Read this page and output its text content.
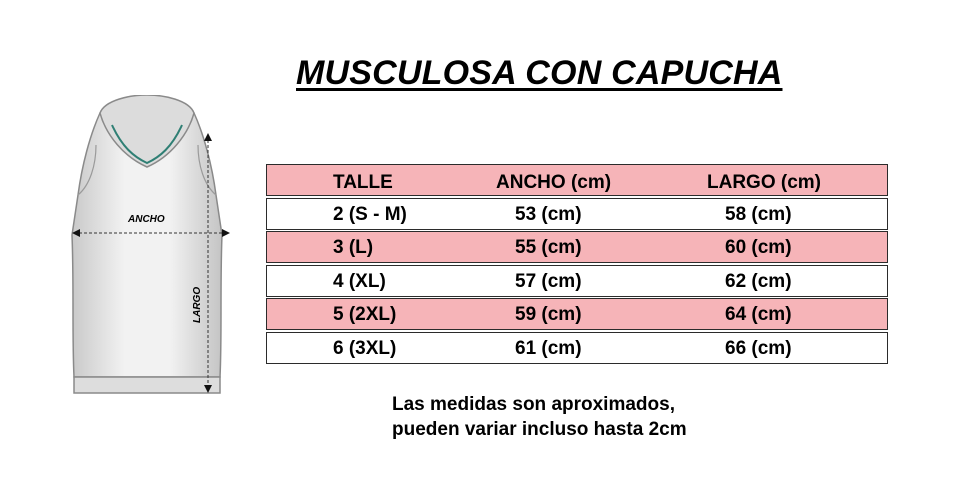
MUSCULOSA CON CAPUCHA
ANCHO
LARGO
TALLE	ANCHO (cm)	LARGO (cm)
2 (S - M)	53 (cm)	58 (cm)
3 (L)	55 (cm)	60 (cm)
4 (XL)	57 (cm)	62 (cm)
5 (2XL)	59 (cm)	64 (cm)
6 (3XL)	61 (cm)	66 (cm)
Las medidas son aproximados,
pueden variar incluso hasta 2cm
